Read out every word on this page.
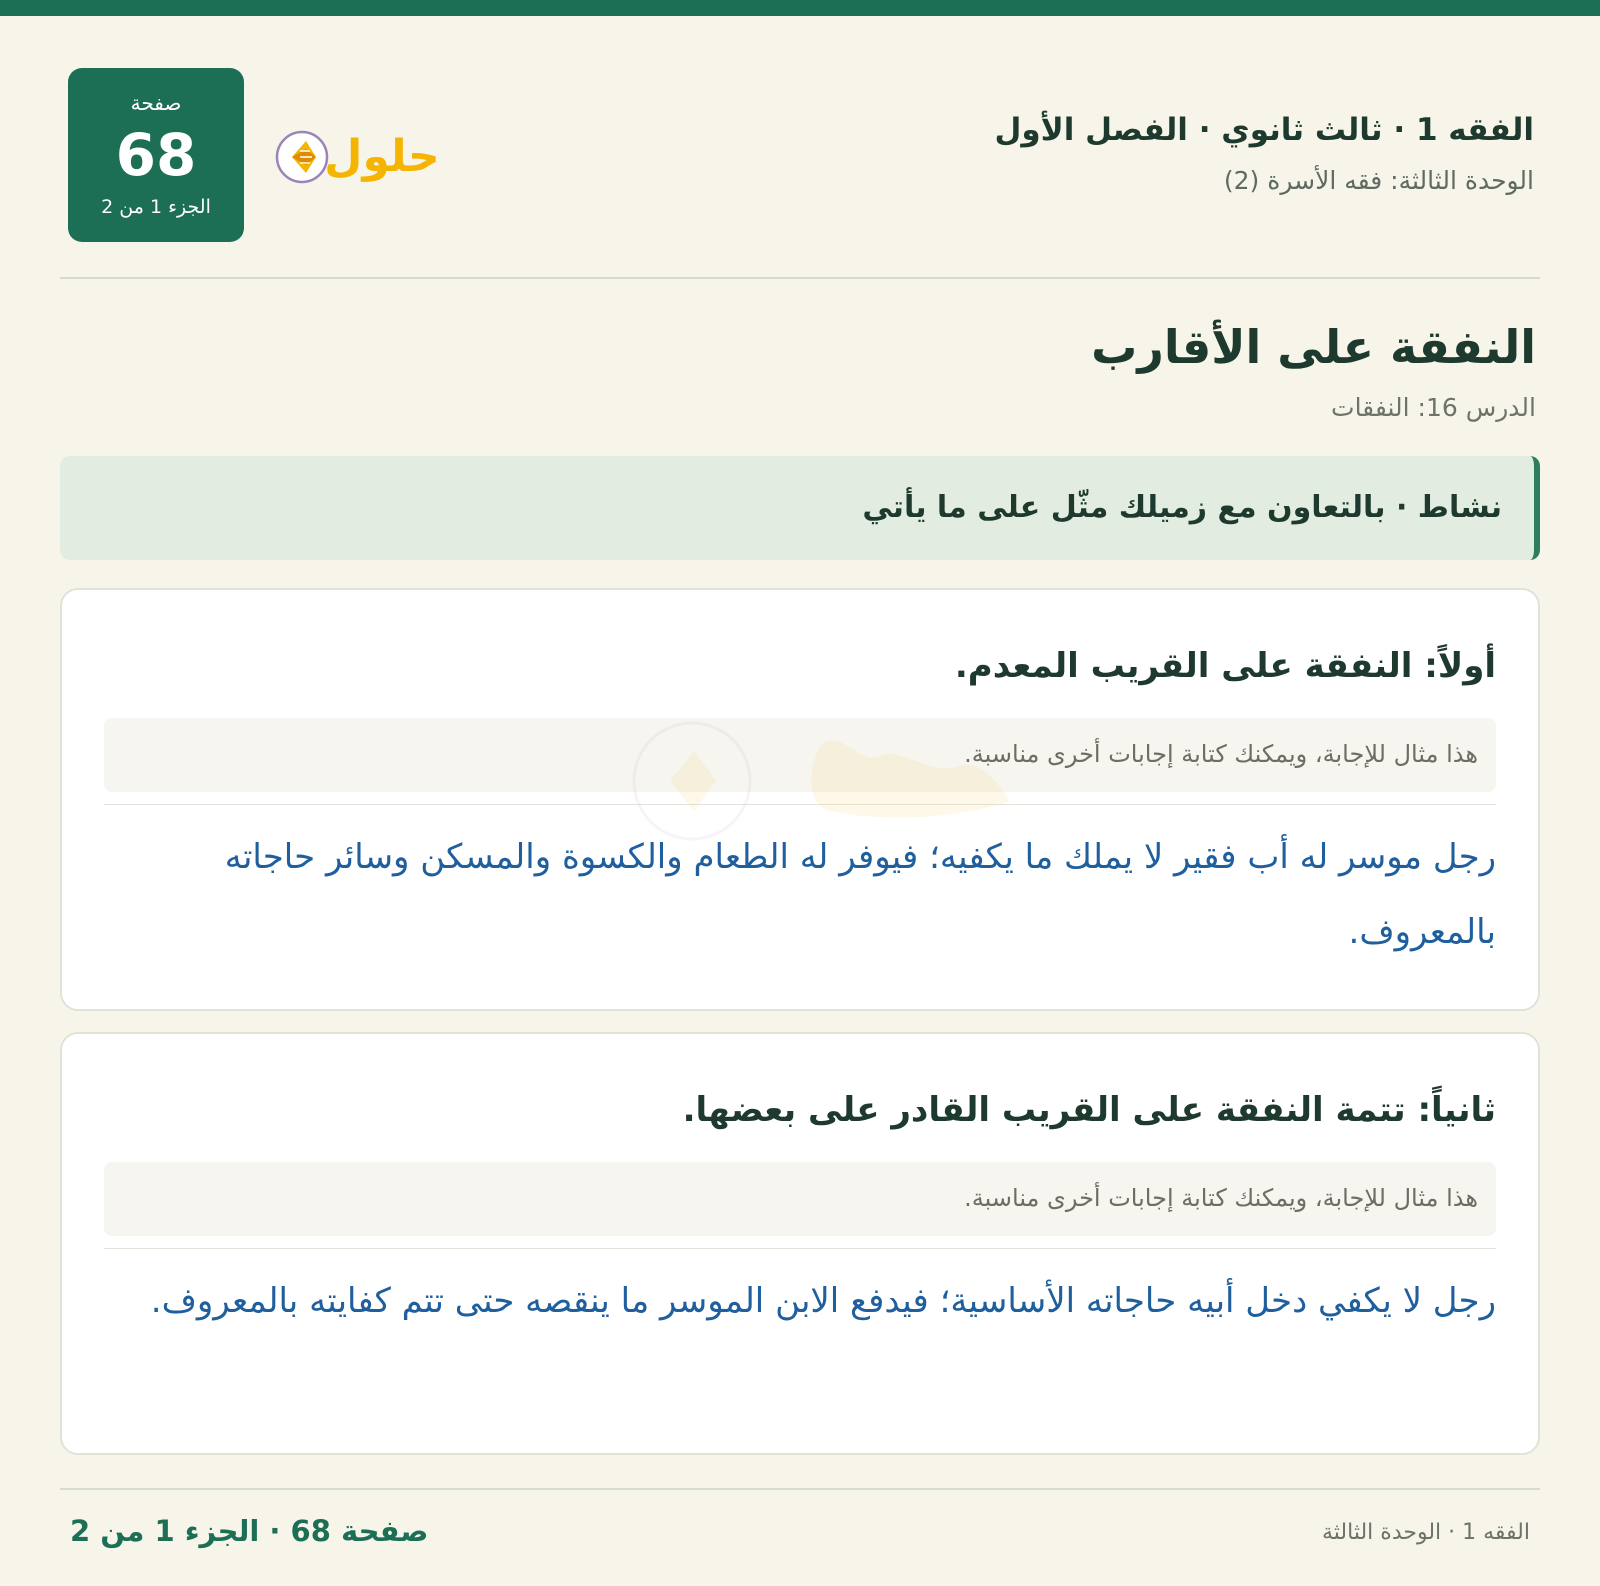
الفقه 1 · ثالث ثانوي · الفصل الأول
الوحدة الثالثة: فقه الأسرة (2)
حلول
صفحة
68
الجزء 1 من 2
النفقة على الأقارب
الدرس 16: النفقات
نشاط · بالتعاون مع زميلك مثّل على ما يأتي
أولاً: النفقة على القريب المعدم.
هذا مثال للإجابة، ويمكنك كتابة إجابات أخرى مناسبة.
رجل موسر له أب فقير لا يملك ما يكفيه؛ فيوفر له الطعام والكسوة والمسكن وسائر حاجاته بالمعروف.
ثانياً: تتمة النفقة على القريب القادر على بعضها.
هذا مثال للإجابة، ويمكنك كتابة إجابات أخرى مناسبة.
رجل لا يكفي دخل أبيه حاجاته الأساسية؛ فيدفع الابن الموسر ما ينقصه حتى تتم كفايته بالمعروف.
الفقه 1 · الوحدة الثالثة
صفحة 68 · الجزء 1 من 2
